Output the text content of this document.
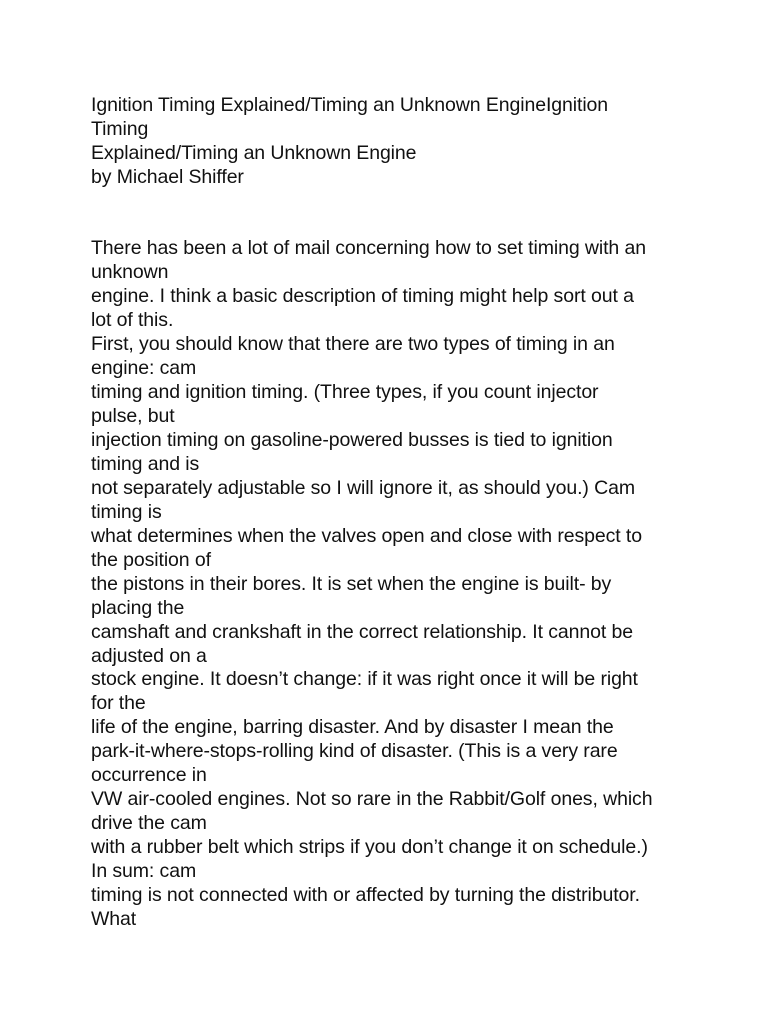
Ignition Timing Explained/Timing an Unknown EngineIgnition
Timing
Explained/Timing an Unknown Engine
by Michael Shiffer
There has been a lot of mail concerning how to set timing with an
unknown
engine. I think a basic description of timing might help sort out a
lot of this.
First, you should know that there are two types of timing in an
engine: cam
timing and ignition timing. (Three types, if you count injector
pulse, but
injection timing on gasoline-powered busses is tied to ignition
timing and is
not separately adjustable so I will ignore it, as should you.) Cam
timing is
what determines when the valves open and close with respect to
the position of
the pistons in their bores. It is set when the engine is built- by
placing the
camshaft and crankshaft in the correct relationship. It cannot be
adjusted on a
stock engine. It doesn’t change: if it was right once it will be right
for the
life of the engine, barring disaster. And by disaster I mean the
park-it-where-stops-rolling kind of disaster. (This is a very rare
occurrence in
VW air-cooled engines. Not so rare in the Rabbit/Golf ones, which
drive the cam
with a rubber belt which strips if you don’t change it on schedule.)
In sum: cam
timing is not connected with or affected by turning the distributor.
What
